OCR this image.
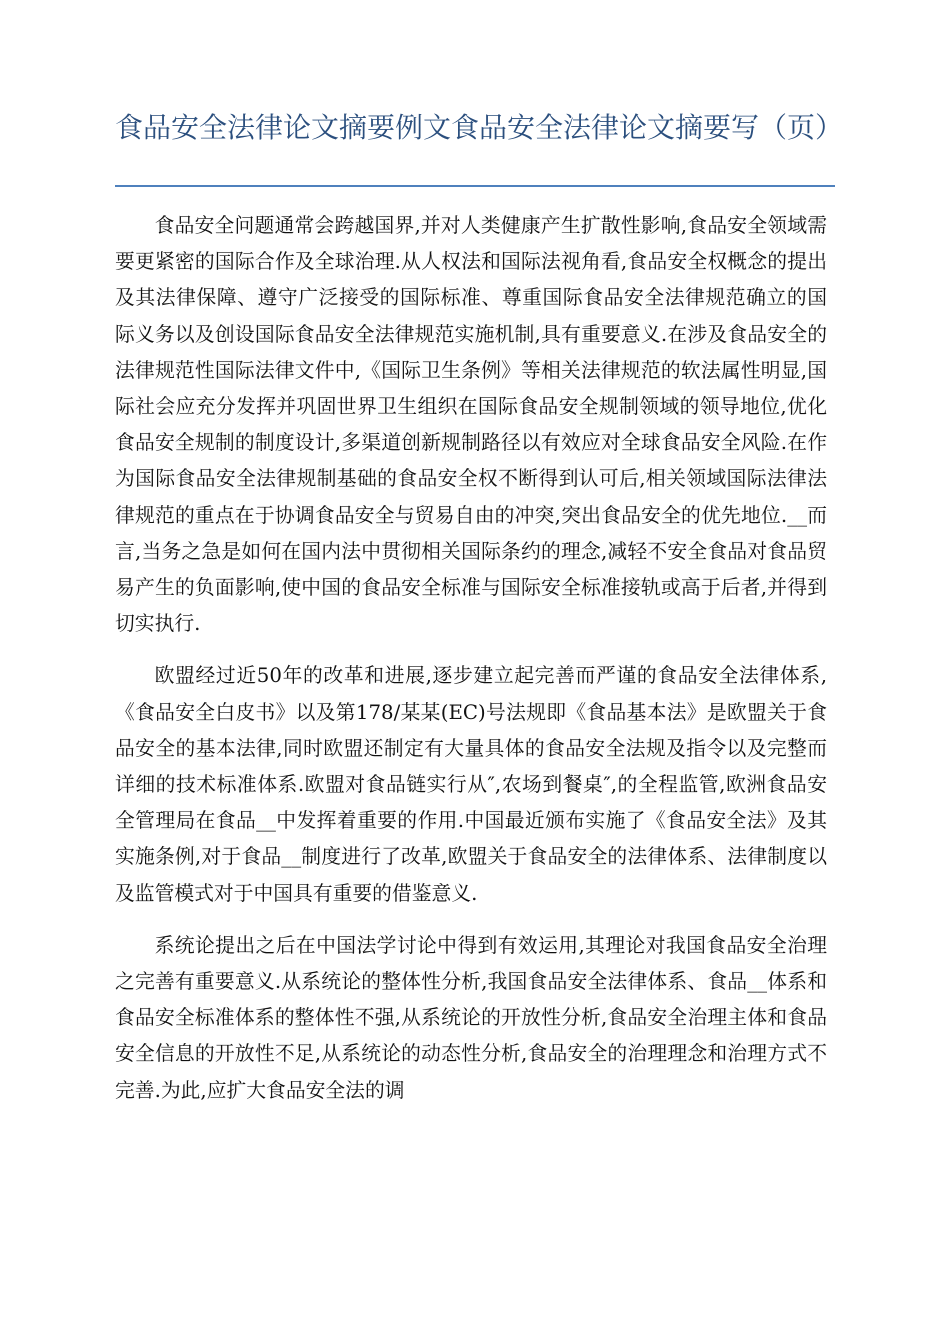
食品安全法律论文摘要例文食品安全法律论文摘要写（页）

食品安全问题通常会跨越国界,并对人类健康产生扩散性影响,食品安全领域需要更紧密的国际合作及全球治理.从人权法和国际法视角看,食品安全权概念的提出及其法律保障、遵守广泛接受的国际标准、尊重国际食品安全法律规范确立的国际义务以及创设国际食品安全法律规范实施机制,具有重要意义.在涉及食品安全的法律规范性国际法律文件中,《国际卫生条例》等相关法律规范的软法属性明显,国际社会应充分发挥并巩固世界卫生组织在国际食品安全规制领域的领导地位,优化食品安全规制的制度设计,多渠道创新规制路径以有效应对全球食品安全风险.在作为国际食品安全法律规制基础的食品安全权不断得到认可后,相关领域国际法律法律规范的重点在于协调食品安全与贸易自由的冲突,突出食品安全的优先地位.__而言,当务之急是如何在国内法中贯彻相关国际条约的理念,减轻不安全食品对食品贸易产生的负面影响,使中国的食品安全标准与国际安全标准接轨或高于后者,并得到切实执行.

欧盟经过近50年的改革和进展,逐步建立起完善而严谨的食品安全法律体系,《食品安全白皮书》以及第178/某某(EC)号法规即《食品基本法》是欧盟关于食品安全的基本法律,同时欧盟还制定有大量具体的食品安全法规及指令以及完整而详细的技术标准体系.欧盟对食品链实行从″,农场到餐桌″,的全程监管,欧洲食品安全管理局在食品__中发挥着重要的作用.中国最近颁布实施了《食品安全法》及其实施条例,对于食品__制度进行了改革,欧盟关于食品安全的法律体系、法律制度以及监管模式对于中国具有重要的借鉴意义.

系统论提出之后在中国法学讨论中得到有效运用,其理论对我国食品安全治理之完善有重要意义.从系统论的整体性分析,我国食品安全法律体系、食品__体系和食品安全标准体系的整体性不强,从系统论的开放性分析,食品安全治理主体和食品安全信息的开放性不足,从系统论的动态性分析,食品安全的治理理念和治理方式不完善.为此,应扩大食品安全法的调
